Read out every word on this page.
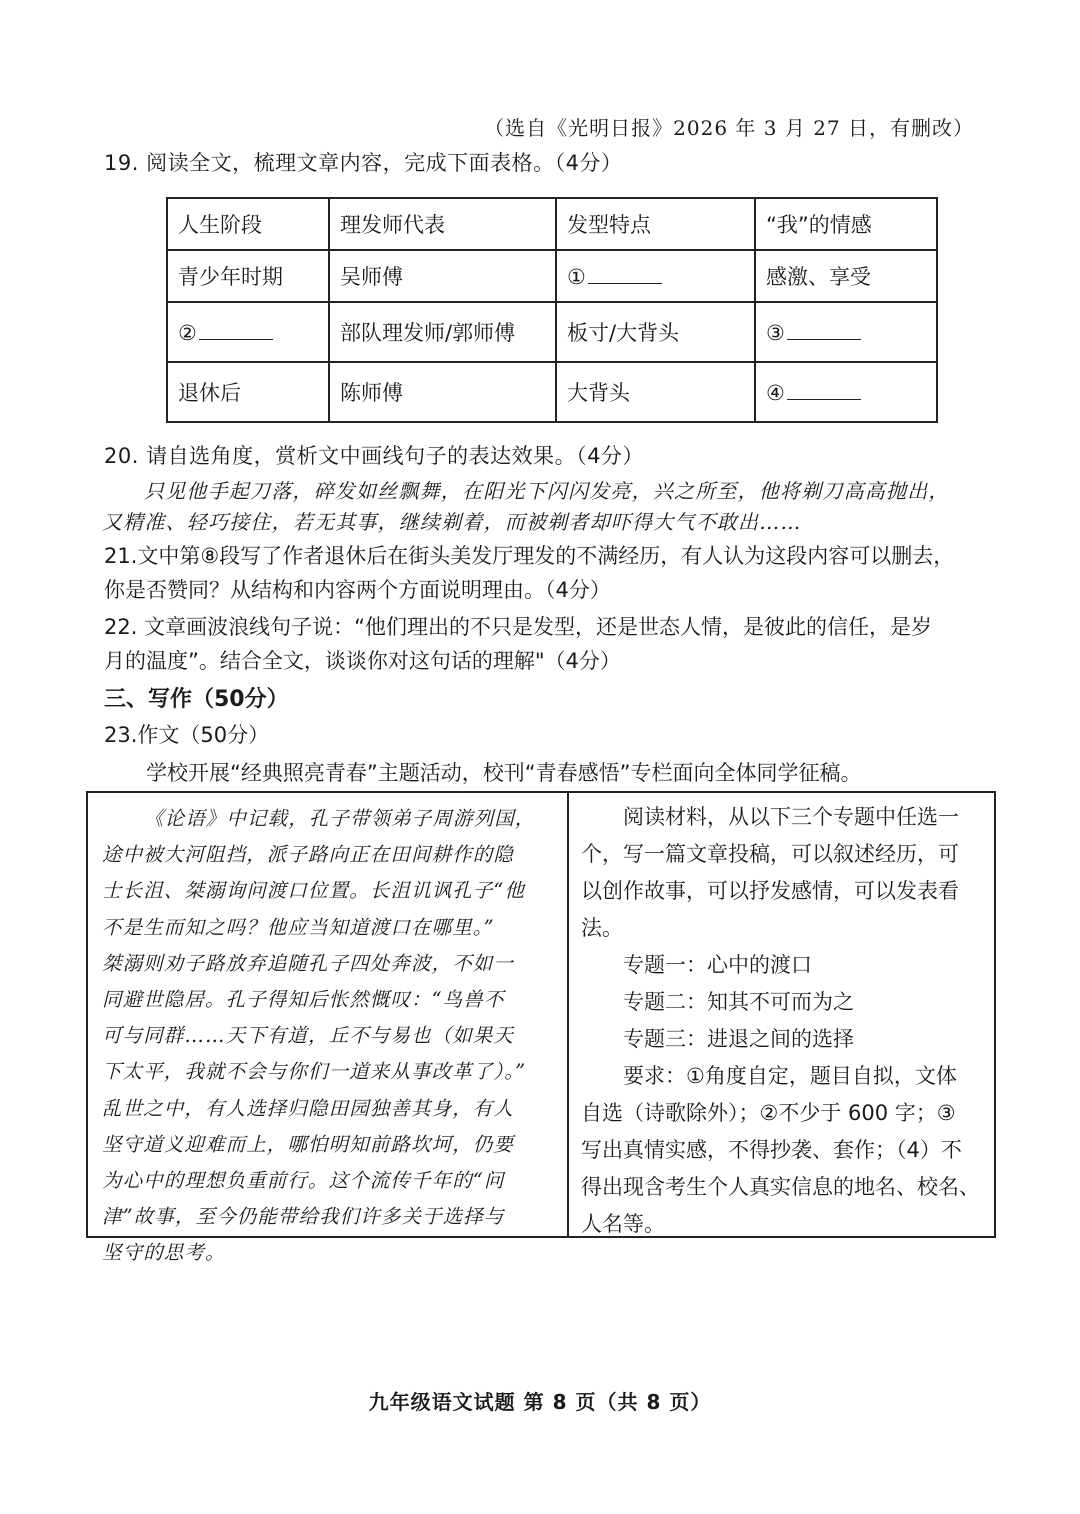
（选自《光明日报》2026 年 3 月 27 日，有删改）
19. 阅读全文，梳理文章内容，完成下面表格。（4分）
人生阶段	理发师代表	发型特点	“我”的情感
青少年时期	吴师傅	①	感激、享受
②	部队理发师/郭师傅	板寸/大背头	③
退休后	陈师傅	大背头	④
20. 请自选角度，赏析文中画线句子的表达效果。（4分）
只见他手起刀落，碎发如丝飘舞，在阳光下闪闪发亮，兴之所至，他将剃刀高高抛出，
又精准、轻巧接住，若无其事，继续剃着，而被剃者却吓得大气不敢出……
21.文中第⑧段写了作者退休后在街头美发厅理发的不满经历，有人认为这段内容可以删去，
你是否赞同？从结构和内容两个方面说明理由。（4分）
22. 文章画波浪线句子说：“他们理出的不只是发型，还是世态人情，是彼此的信任，是岁
月的温度”。结合全文，谈谈你对这句话的理解"（4分）
三、写作（50分）
23.作文（50分）
学校开展“经典照亮青春”主题活动，校刊“青春感悟”专栏面向全体同学征稿。
《论语》中记载，孔子带领弟子周游列国，
途中被大河阻挡，派子路向正在田间耕作的隐
士长沮、桀溺询问渡口位置。长沮讥讽孔子“他
不是生而知之吗？他应当知道渡口在哪里。”
桀溺则劝子路放弃追随孔子四处奔波，不如一
同避世隐居。孔子得知后怅然慨叹：“鸟兽不
可与同群……天下有道，丘不与易也（如果天
下太平，我就不会与你们一道来从事改革了）。”
乱世之中，有人选择归隐田园独善其身，有人
坚守道义迎难而上，哪怕明知前路坎坷，仍要
为心中的理想负重前行。这个流传千年的“问
津”故事，至今仍能带给我们许多关于选择与
坚守的思考。
阅读材料，从以下三个专题中任选一
个，写一篇文章投稿，可以叙述经历，可
以创作故事，可以抒发感情，可以发表看
法。
专题一：心中的渡口
专题二：知其不可而为之
专题三：进退之间的选择
要求：①角度自定，题目自拟，文体
自选（诗歌除外）；②不少于 600 字；③
写出真情实感，不得抄袭、套作；（4）不
得出现含考生个人真实信息的地名、校名、
人名等。
九年级语文试题 第 8 页（共 8 页）
